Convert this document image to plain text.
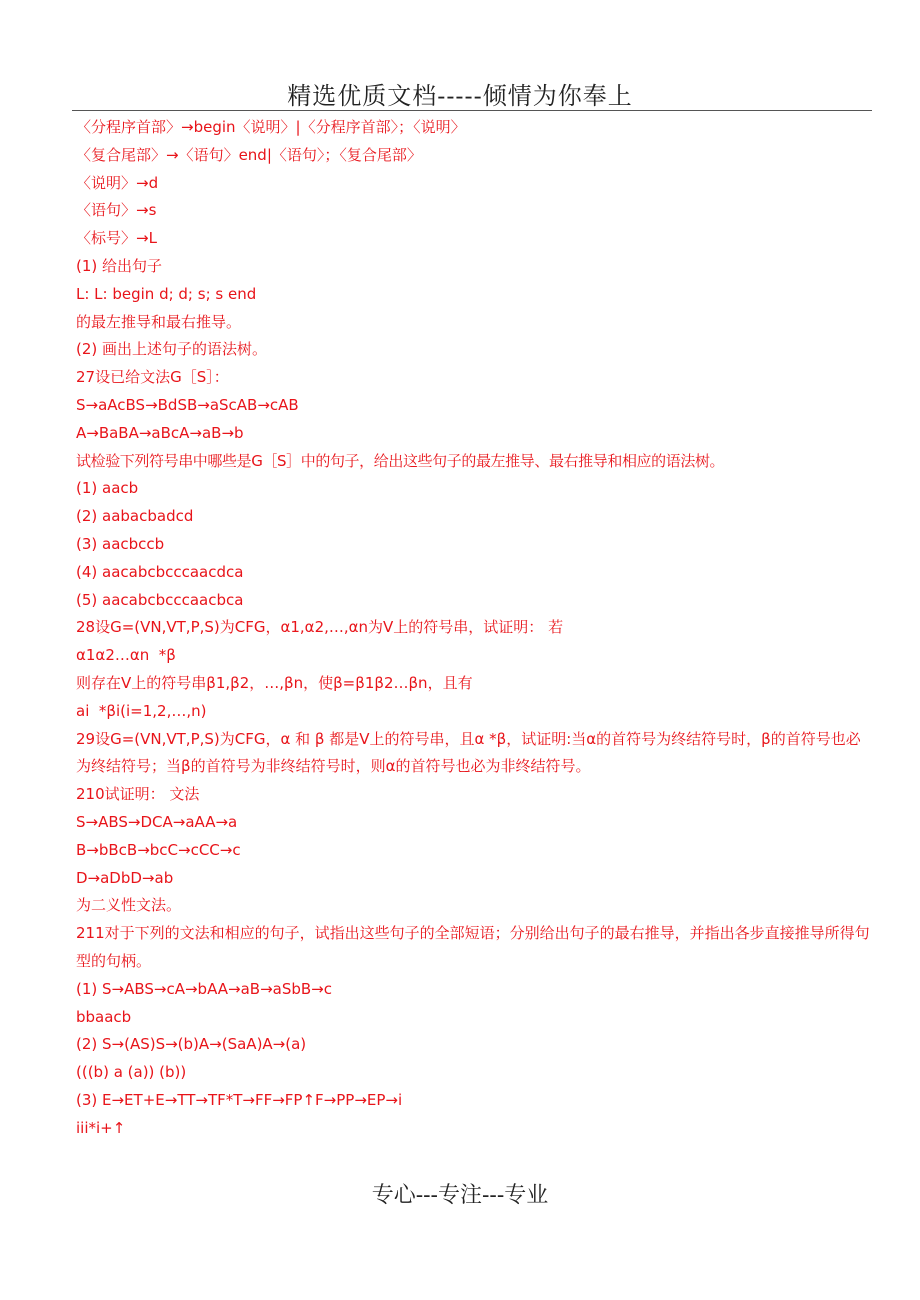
精选优质文档-----倾情为你奉上
〈分程序首部〉→begin〈说明〉|〈分程序首部〉；〈说明〉
〈复合尾部〉→〈语句〉end|〈语句〉；〈复合尾部〉
〈说明〉→d
〈语句〉→s
〈标号〉→L
(1) 给出句子
L: L: begin d; d; s; s end
的最左推导和最右推导。
(2) 画出上述句子的语法树。
27设已给文法G［S］：
S→aAcBS→BdSB→aScAB→cAB
A→BaBA→aBcA→aB→b
试检验下列符号串中哪些是G［S］中的句子，给出这些句子的最左推导、最右推导和相应的语法树。
(1) aacb
(2) aabacbadcd
(3) aacbccb
(4) aacabcbcccaacdca
(5) aacabcbcccaacbca
28设G=(VN,VT,P,S)为CFG，α1,α2,…,αn为V上的符号串，试证明： 若
α1α2…αn  *β
则存在V上的符号串β1,β2，…,βn，使β=β1β2…βn，且有
ai  *βi(i=1,2,…,n)
29设G=(VN,VT,P,S)为CFG，α 和 β 都是V上的符号串，且α *β，试证明:当α的首符号为终结符号时，β的首符号也必为终结符号；当β的首符号为非终结符号时，则α的首符号也必为非终结符号。
210试证明： 文法
S→ABS→DCA→aAA→a
B→bBcB→bcC→cCC→c
D→aDbD→ab
为二义性文法。
211对于下列的文法和相应的句子，试指出这些句子的全部短语；分别给出句子的最右推导，并指出各步直接推导所得句型的句柄。
(1) S→ABS→cA→bAA→aB→aSbB→c
bbaacb
(2) S→(AS)S→(b)A→(SaA)A→(a)
(((b) a (a)) (b))
(3) E→ET+E→TT→TF*T→FF→FP↑F→PP→EP→i
iii*i+↑
专心---专注---专业
